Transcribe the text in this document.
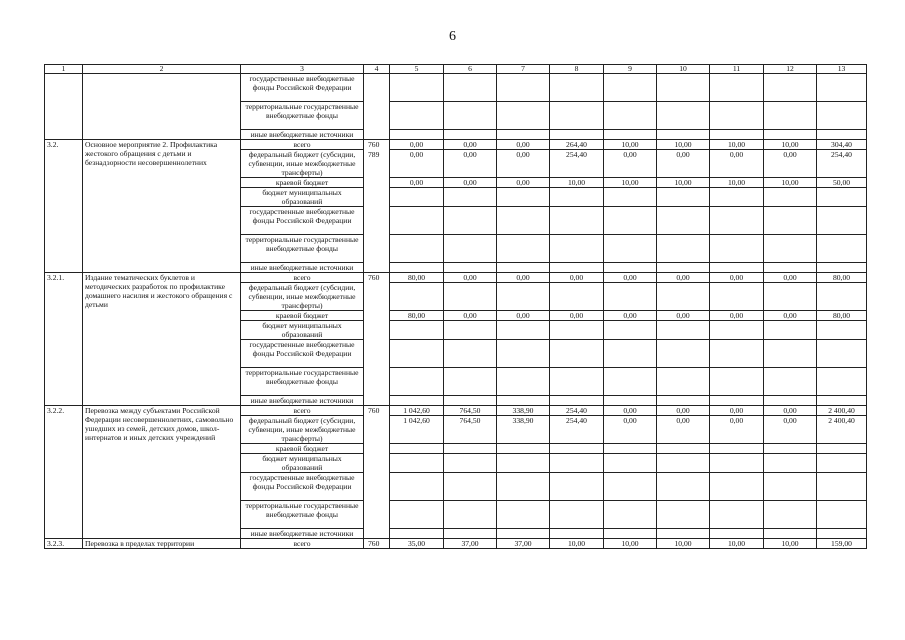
6
1	2	3	4	5	6	7	8	9	10	11	12	13
		государственные внебюджетные фонды Российской Федерации										
		территориальные государственные внебюджетные фонды										
		иные внебюджетные источники										
3.2.	Основное мероприятие 2. Профилактика жестокого обращения с детьми и безнадзорности несовершеннолетних	всего	760	0,00	0,00	0,00	264,40	10,00	10,00	10,00	10,00	304,40
		федеральный бюджет (субсидии, субвенции, иные межбюджетные трансферты)	789	0,00	0,00	0,00	254,40	0,00	0,00	0,00	0,00	254,40
		краевой бюджет		0,00	0,00	0,00	10,00	10,00	10,00	10,00	10,00	50,00
		бюджет муниципальных образований										
		государственные внебюджетные фонды Российской Федерации										
		территориальные государственные внебюджетные фонды										
		иные внебюджетные источники										
3.2.1.	Издание тематических буклетов и методических разработок по профилактике домашнего насилия и жестокого обращения с детьми	всего	760	80,00	0,00	0,00	0,00	0,00	0,00	0,00	0,00	80,00
		федеральный бюджет (субсидии, субвенции, иные межбюджетные трансферты)										
		краевой бюджет		80,00	0,00	0,00	0,00	0,00	0,00	0,00	0,00	80,00
		бюджет муниципальных образований										
		государственные внебюджетные фонды Российской Федерации										
		территориальные государственные внебюджетные фонды										
		иные внебюджетные источники										
3.2.2.	Перевозка между субъектами Российской Федерации несовершеннолетних, самовольно ушедших из семей, детских домов, школ-интернатов и иных детских учреждений	всего	760	1 042,60	764,50	338,90	254,40	0,00	0,00	0,00	0,00	2 400,40
		федеральный бюджет (субсидии, субвенции, иные межбюджетные трансферты)		1 042,60	764,50	338,90	254,40	0,00	0,00	0,00	0,00	2 400,40
		краевой бюджет										
		бюджет муниципальных образований										
		государственные внебюджетные фонды Российской Федерации										
		территориальные государственные внебюджетные фонды										
		иные внебюджетные источники										
3.2.3.	Перевозка в пределах территории	всего	760	35,00	37,00	37,00	10,00	10,00	10,00	10,00	10,00	159,00
